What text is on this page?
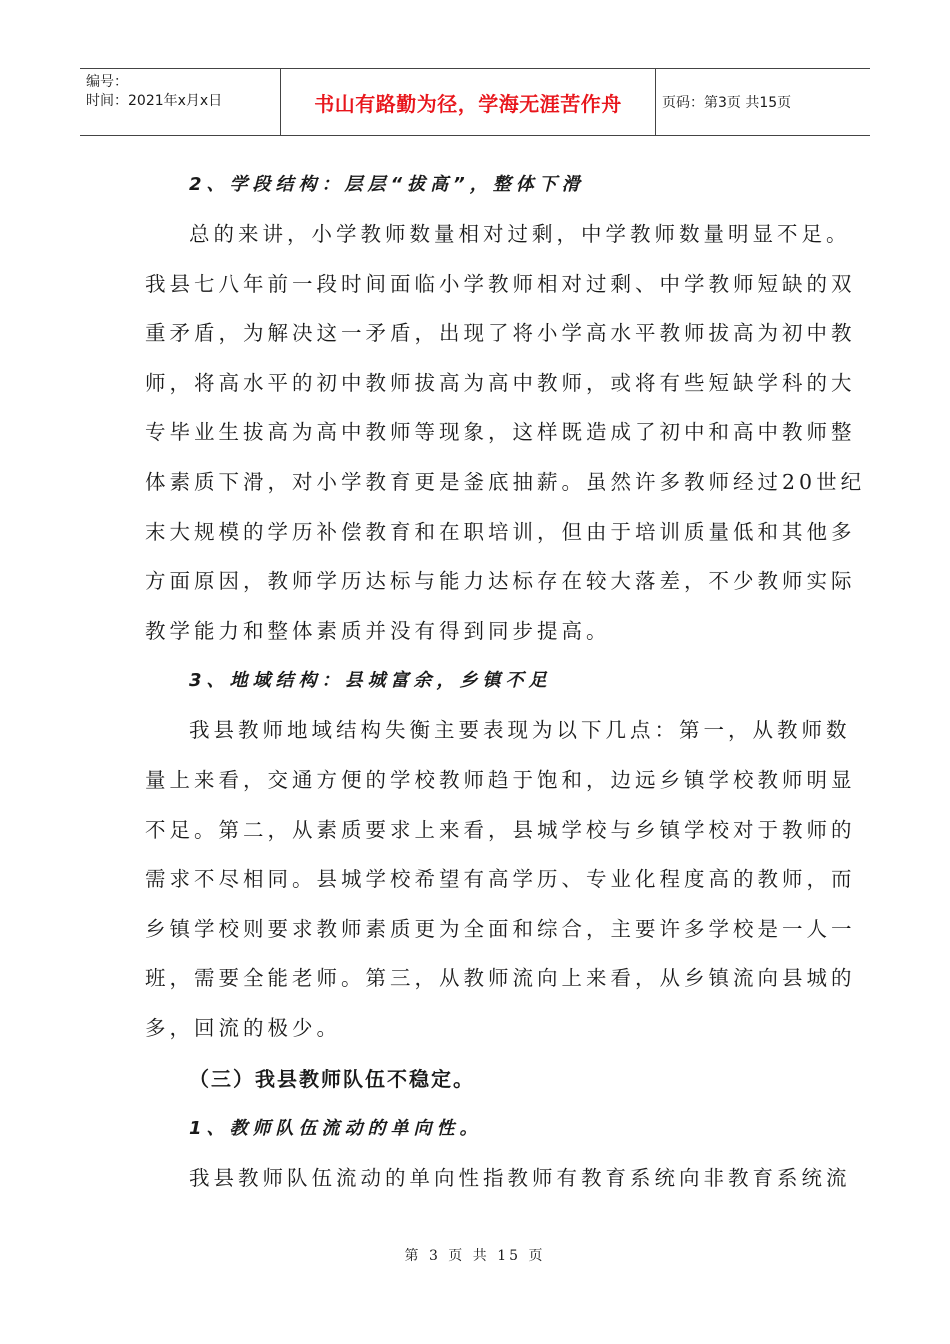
编号：
时间：2021年x月x日	书山有路勤为径，学海无涯苦作舟	页码：第3页 共15页
2、学段结构：层层“拔高”，整体下滑
总的来讲，小学教师数量相对过剩，中学教师数量明显不足。
我县七八年前一段时间面临小学教师相对过剩、中学教师短缺的双
重矛盾，为解决这一矛盾，出现了将小学高水平教师拔高为初中教
师，将高水平的初中教师拔高为高中教师，或将有些短缺学科的大
专毕业生拔高为高中教师等现象，这样既造成了初中和高中教师整
体素质下滑，对小学教育更是釜底抽薪。虽然许多教师经过20世纪
末大规模的学历补偿教育和在职培训，但由于培训质量低和其他多
方面原因，教师学历达标与能力达标存在较大落差，不少教师实际
教学能力和整体素质并没有得到同步提高。
3、地域结构：县城富余，乡镇不足
我县教师地域结构失衡主要表现为以下几点：第一，从教师数
量上来看，交通方便的学校教师趋于饱和，边远乡镇学校教师明显
不足。第二，从素质要求上来看，县城学校与乡镇学校对于教师的
需求不尽相同。县城学校希望有高学历、专业化程度高的教师，而
乡镇学校则要求教师素质更为全面和综合，主要许多学校是一人一
班，需要全能老师。第三，从教师流向上来看，从乡镇流向县城的
多，回流的极少。
（三）我县教师队伍不稳定。
1、教师队伍流动的单向性。
我县教师队伍流动的单向性指教师有教育系统向非教育系统流
第 3 页 共 15 页
